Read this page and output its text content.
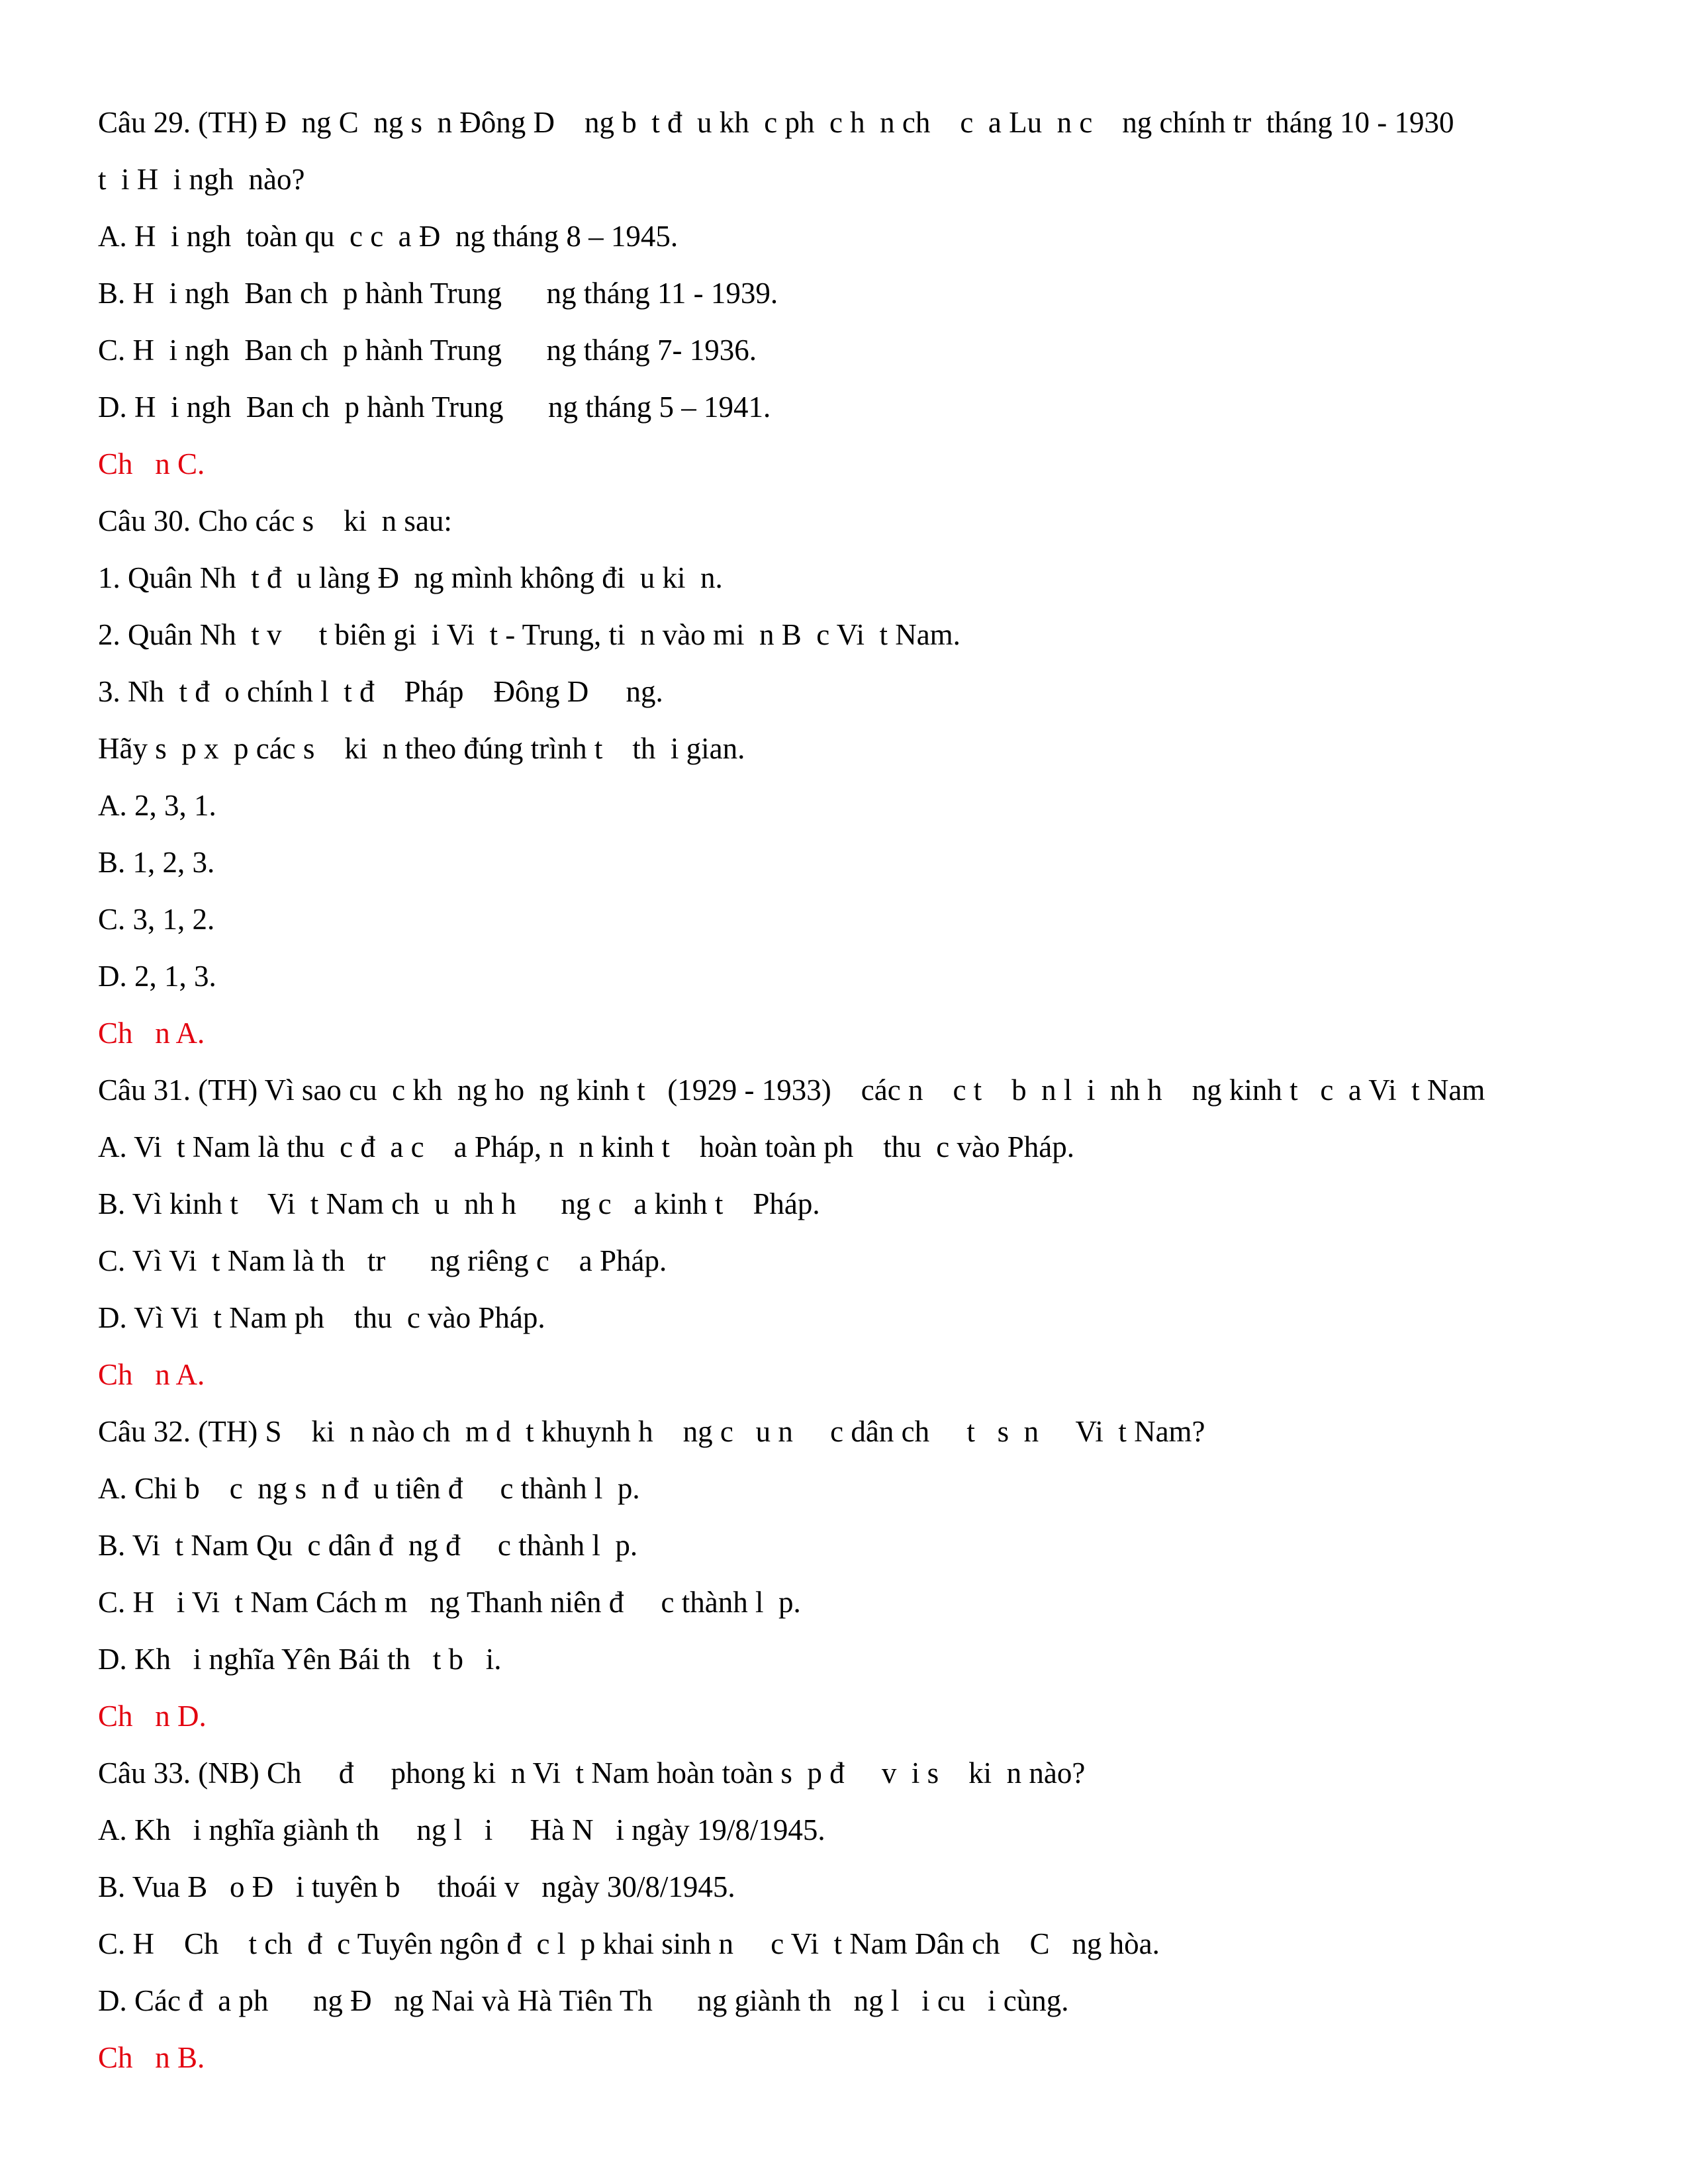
Câu 29. (TH) Đ  ng C  ng s  n Đông D    ng b  t đ  u kh  c ph  c h  n ch    c  a Lu  n c    ng chính tr  tháng 10 - 1930
t  i H  i ngh  nào?
A. H  i ngh  toàn qu  c c  a Đ  ng tháng 8 – 1945.
B. H  i ngh  Ban ch  p hành Trung      ng tháng 11 - 1939.
C. H  i ngh  Ban ch  p hành Trung      ng tháng 7- 1936.
D. H  i ngh  Ban ch  p hành Trung      ng tháng 5 – 1941.
Ch   n C.
Câu 30. Cho các s    ki  n sau:
1. Quân Nh  t đ  u làng Đ  ng mình không đi  u ki  n.
2. Quân Nh  t v     t biên gi  i Vi  t - Trung, ti  n vào mi  n B  c Vi  t Nam.
3. Nh  t đ  o chính l  t đ    Pháp    Đông D     ng.
Hãy s  p x  p các s    ki  n theo đúng trình t    th  i gian.
A. 2, 3, 1.
B. 1, 2, 3.
C. 3, 1, 2.
D. 2, 1, 3.
Ch   n A.
Câu 31. (TH) Vì sao cu  c kh  ng ho  ng kinh t   (1929 - 1933)    các n    c t    b  n l  i  nh h    ng kinh t   c  a Vi  t Nam
A. Vi  t Nam là thu  c đ  a c    a Pháp, n  n kinh t    hoàn toàn ph    thu  c vào Pháp.
B. Vì kinh t    Vi  t Nam ch  u  nh h      ng c   a kinh t    Pháp.
C. Vì Vi  t Nam là th   tr      ng riêng c    a Pháp.
D. Vì Vi  t Nam ph    thu  c vào Pháp.
Ch   n A.
Câu 32. (TH) S    ki  n nào ch  m d  t khuynh h    ng c   u n     c dân ch     t   s  n     Vi  t Nam?
A. Chi b    c  ng s  n đ  u tiên đ     c thành l  p.
B. Vi  t Nam Qu  c dân đ  ng đ     c thành l  p.
C. H   i Vi  t Nam Cách m   ng Thanh niên đ     c thành l  p.
D. Kh   i nghĩa Yên Bái th   t b   i.
Ch   n D.
Câu 33. (NB) Ch     đ     phong ki  n Vi  t Nam hoàn toàn s  p đ     v  i s    ki  n nào?
A. Kh   i nghĩa giành th     ng l   i     Hà N   i ngày 19/8/1945.
B. Vua B   o Đ   i tuyên b     thoái v   ngày 30/8/1945.
C. H    Ch    t ch  đ  c Tuyên ngôn đ  c l  p khai sinh n     c Vi  t Nam Dân ch    C   ng hòa.
D. Các đ  a ph      ng Đ   ng Nai và Hà Tiên Th      ng giành th   ng l   i cu   i cùng.
Ch   n B.
